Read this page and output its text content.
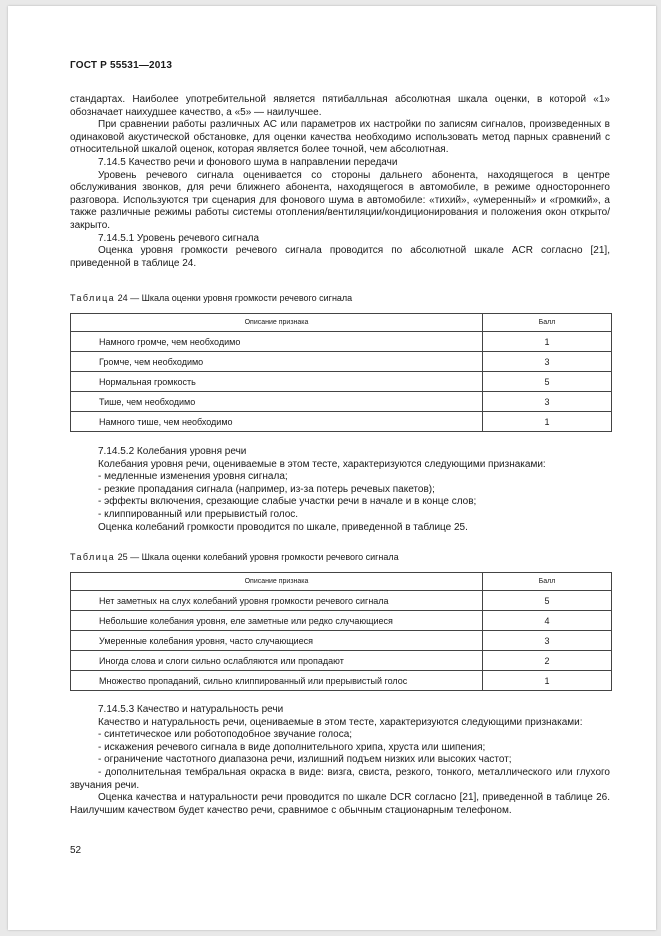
ГОСТ Р 55531—2013

стандартах. Наиболее употребительной является пятибалльная абсолютная шкала оценки, в которой «1» обозначает наихудшее качество, а «5» — наилучшее.

При сравнении работы различных АС или параметров их настройки по записям сигналов, произведенных в одинаковой акустической обстановке, для оценки качества необходимо использовать метод парных сравнений с относительной шкалой оценок, которая является более точной, чем абсолютная.

7.14.5 Качество речи и фонового шума в направлении передачи

Уровень речевого сигнала оценивается со стороны дальнего абонента, находящегося в центре обслуживания звонков, для речи ближнего абонента, находящегося в автомобиле, в режиме одностороннего разговора. Используются три сценария для фонового шума в автомобиле: «тихий», «умеренный» и «громкий», а также различные режимы работы системы отопления/вентиляции/кондиционирования и положения окон открыто/закрыто.

7.14.5.1 Уровень речевого сигнала

Оценка уровня громкости речевого сигнала проводится по абсолютной шкале ACR согласно [21], приведенной в таблице 24.

Таблица 24 — Шкала оценки уровня громкости речевого сигнала
Описание признака	Балл
Намного громче, чем необходимо	1
Громче, чем необходимо	3
Нормальная громкость	5
Тише, чем необходимо	3
Намного тише, чем необходимо	1

7.14.5.2 Колебания уровня речи

Колебания уровня речи, оцениваемые в этом тесте, характеризуются следующими признаками:

- медленные изменения уровня сигнала;

- резкие пропадания сигнала (например, из-за потерь речевых пакетов);

- эффекты включения, срезающие слабые участки речи в начале и в конце слов;

- клиппированный или прерывистый голос.

Оценка колебаний громкости проводится по шкале, приведенной в таблице 25.

Таблица 25 — Шкала оценки колебаний уровня громкости речевого сигнала
Описание признака	Балл
Нет заметных на слух колебаний уровня громкости речевого сигнала	5
Небольшие колебания уровня, еле заметные или редко случающиеся	4
Умеренные колебания уровня, часто случающиеся	3
Иногда слова и слоги сильно ослабляются или пропадают	2
Множество пропаданий, сильно клиппированный или прерывистый голос	1

7.14.5.3 Качество и натуральность речи

Качество и натуральность речи, оцениваемые в этом тесте, характеризуются следующими признаками:

- синтетическое или роботоподобное звучание голоса;

- искажения речевого сигнала в виде дополнительного хрипа, хруста или шипения;

- ограничение частотного диапазона речи, излишний подъем низких или высоких частот;

- дополнительная тембральная окраска в виде: визга, свиста, резкого, тонкого, металлического или глухого звучания речи.

Оценка качества и натуральности речи проводится по шкале DCR согласно [21], приведенной в таблице 26. Наилучшим качеством будет качество речи, сравнимое с обычным стационарным телефоном.

52
